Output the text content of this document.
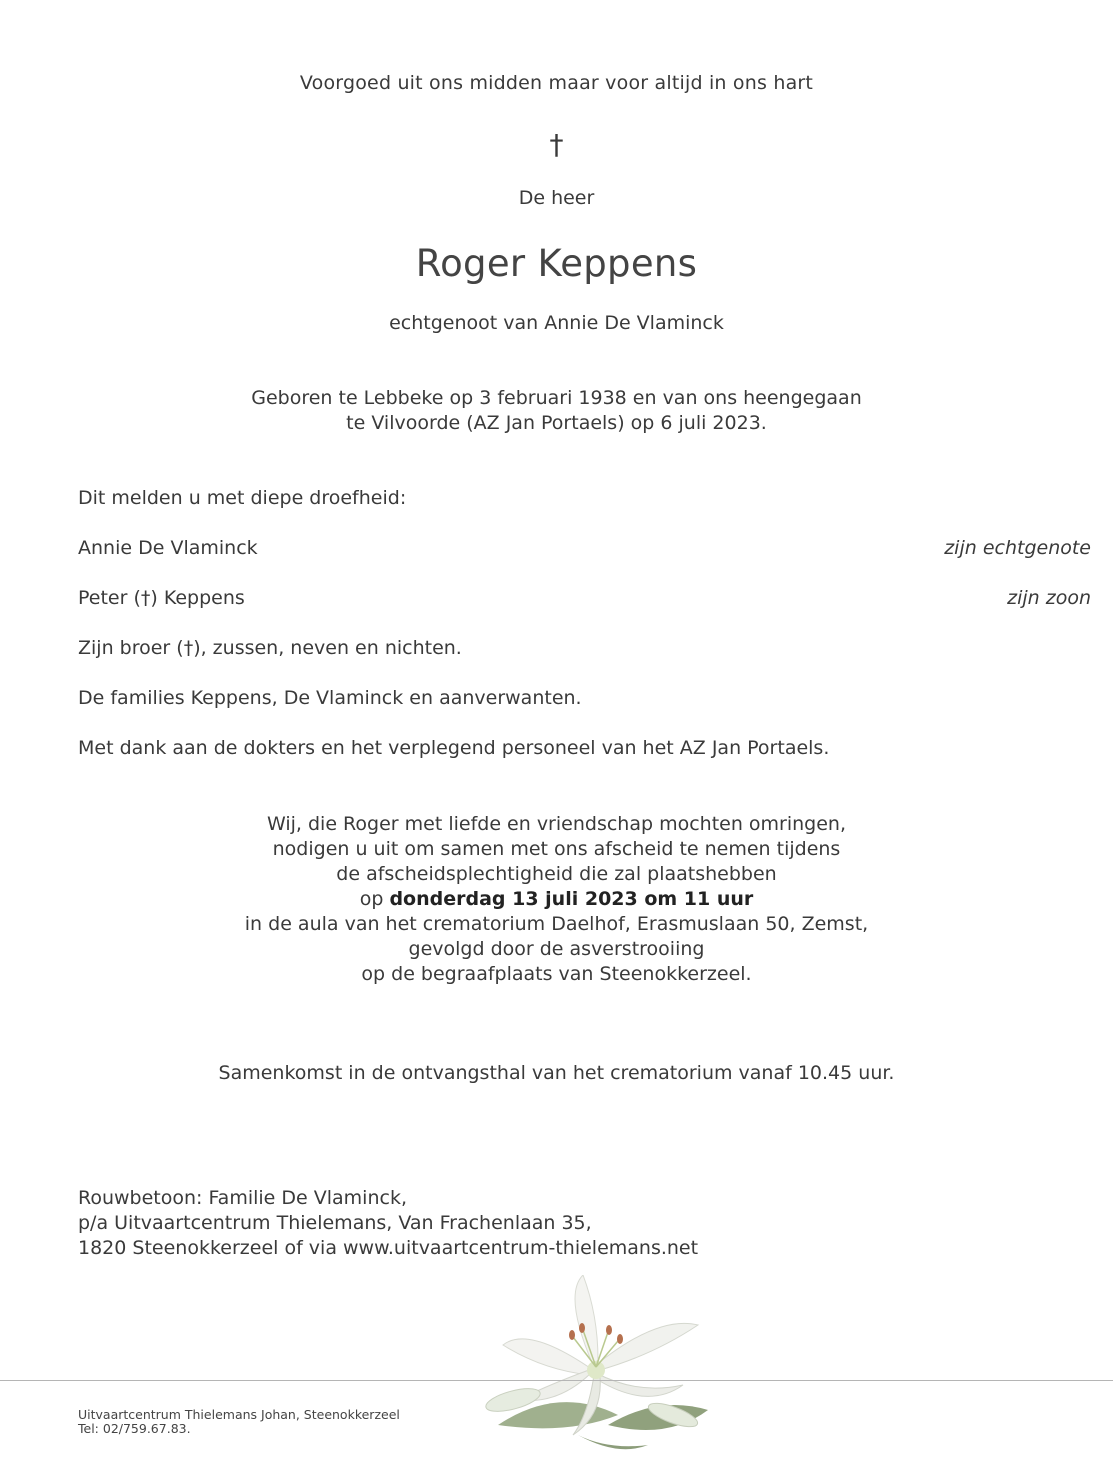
Voorgoed uit ons midden maar voor altijd in ons hart
†
De heer
Roger Keppens
echtgenoot van Annie De Vlaminck
Geboren te Lebbeke op 3 februari 1938 en van ons heengegaan
te Vilvoorde (AZ Jan Portaels) op 6 juli 2023.
Dit melden u met diepe droefheid:
Annie De Vlaminck	zijn echtgenote
Peter (†) Keppens	zijn zoon
Zijn broer (†), zussen, neven en nichten.
De families Keppens, De Vlaminck en aanverwanten.
Met dank aan de dokters en het verplegend personeel van het AZ Jan Portaels.
Wij, die Roger met liefde en vriendschap mochten omringen,
nodigen u uit om samen met ons afscheid te nemen tijdens
de afscheidsplechtigheid die zal plaatshebben
op donderdag 13 juli 2023 om 11 uur
in de aula van het crematorium Daelhof, Erasmuslaan 50, Zemst,
gevolgd door de asverstrooiing
op de begraafplaats van Steenokkerzeel.
Samenkomst in de ontvangsthal van het crematorium vanaf 10.45 uur.
Rouwbetoon: Familie De Vlaminck,
p/a Uitvaartcentrum Thielemans, Van Frachenlaan 35,
1820 Steenokkerzeel of via www.uitvaartcentrum-thielemans.net
Uitvaartcentrum Thielemans Johan, Steenokkerzeel
Tel: 02/759.67.83.
